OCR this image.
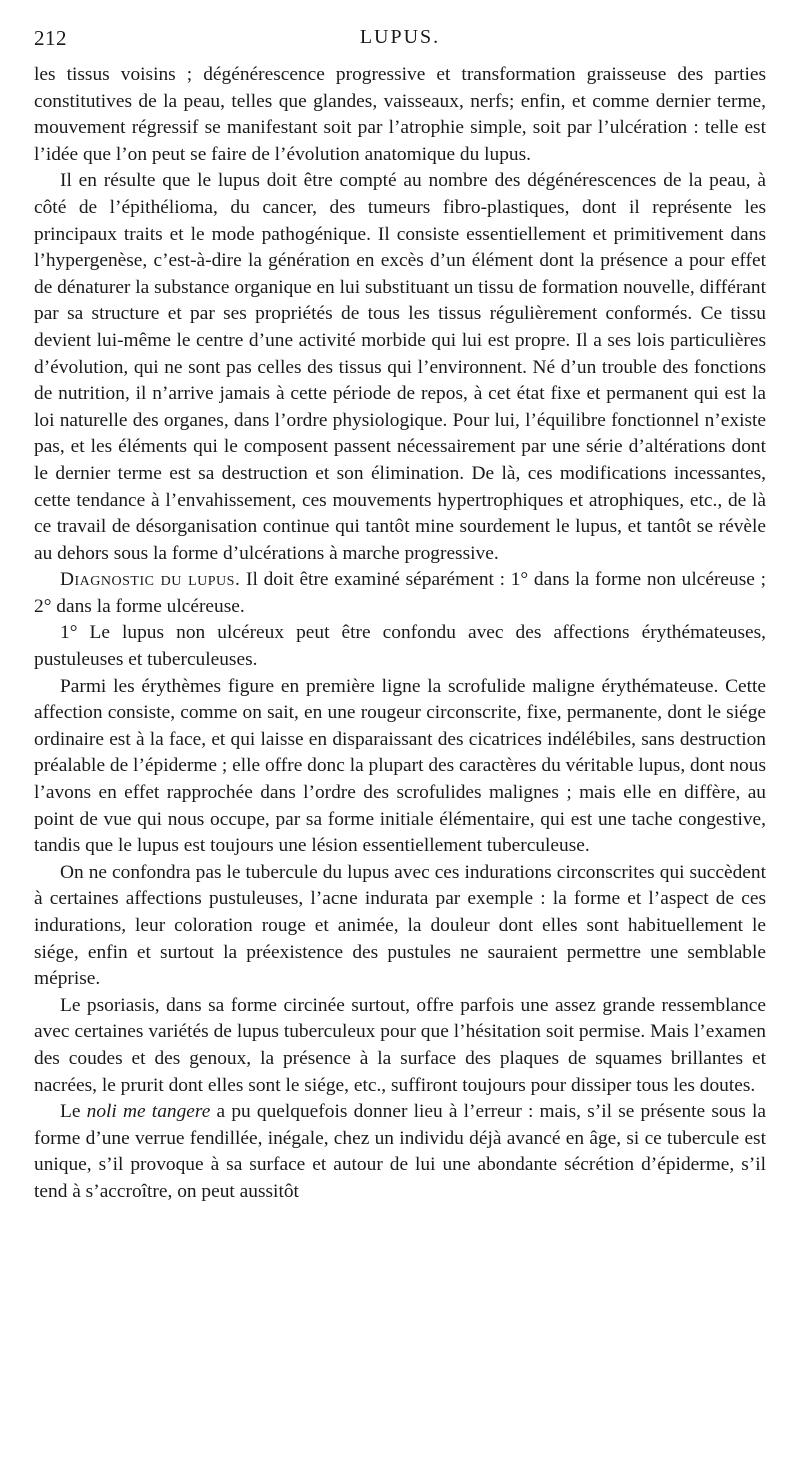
212	LUPUS.

les tissus voisins ; dégénérescence progressive et transformation graisseuse des parties constitutives de la peau, telles que glandes, vaisseaux, nerfs; enfin, et comme dernier terme, mouvement régressif se manifestant soit par l’atrophie simple, soit par l’ulcération : telle est l’idée que l’on peut se faire de l’évolution anatomique du lupus.

Il en résulte que le lupus doit être compté au nombre des dégénérescences de la peau, à côté de l’épithélioma, du cancer, des tumeurs fibro-plastiques, dont il représente les principaux traits et le mode pathogénique. Il consiste essentiellement et primitivement dans l’hypergenèse, c’est-à-dire la génération en excès d’un élément dont la présence a pour effet de dénaturer la substance organique en lui substituant un tissu de formation nouvelle, différant par sa structure et par ses propriétés de tous les tissus régulièrement conformés. Ce tissu devient lui-même le centre d’une activité morbide qui lui est propre. Il a ses lois particulières d’évolution, qui ne sont pas celles des tissus qui l’environnent. Né d’un trouble des fonctions de nutrition, il n’arrive jamais à cette période de repos, à cet état fixe et permanent qui est la loi naturelle des organes, dans l’ordre physiologique. Pour lui, l’équilibre fonctionnel n’existe pas, et les éléments qui le composent passent nécessairement par une série d’altérations dont le dernier terme est sa destruction et son élimination. De là, ces modifications incessantes, cette tendance à l’envahissement, ces mouvements hypertrophiques et atrophiques, etc., de là ce travail de désorganisation continue qui tantôt mine sourdement le lupus, et tantôt se révèle au dehors sous la forme d’ulcérations à marche progressive.

Diagnostic du lupus. Il doit être examiné séparément : 1° dans la forme non ulcéreuse ; 2° dans la forme ulcéreuse.

1° Le lupus non ulcéreux peut être confondu avec des affections érythémateuses, pustuleuses et tuberculeuses.

Parmi les érythèmes figure en première ligne la scrofulide maligne érythémateuse. Cette affection consiste, comme on sait, en une rougeur circonscrite, fixe, permanente, dont le siége ordinaire est à la face, et qui laisse en disparaissant des cicatrices indélébiles, sans destruction préalable de l’épiderme ; elle offre donc la plupart des caractères du véritable lupus, dont nous l’avons en effet rapprochée dans l’ordre des scrofulides malignes ; mais elle en diffère, au point de vue qui nous occupe, par sa forme initiale élémentaire, qui est une tache congestive, tandis que le lupus est toujours une lésion essentiellement tuberculeuse.

On ne confondra pas le tubercule du lupus avec ces indurations circonscrites qui succèdent à certaines affections pustuleuses, l’acne indurata par exemple : la forme et l’aspect de ces indurations, leur coloration rouge et animée, la douleur dont elles sont habituellement le siége, enfin et surtout la préexistence des pustules ne sauraient permettre une semblable méprise.

Le psoriasis, dans sa forme circinée surtout, offre parfois une assez grande ressemblance avec certaines variétés de lupus tuberculeux pour que l’hésitation soit permise. Mais l’examen des coudes et des genoux, la présence à la surface des plaques de squames brillantes et nacrées, le prurit dont elles sont le siége, etc., suffiront toujours pour dissiper tous les doutes.

Le noli me tangere a pu quelquefois donner lieu à l’erreur : mais, s’il se présente sous la forme d’une verrue fendillée, inégale, chez un individu déjà avancé en âge, si ce tubercule est unique, s’il provoque à sa surface et autour de lui une abondante sécrétion d’épiderme, s’il tend à s’accroître, on peut aussitôt
